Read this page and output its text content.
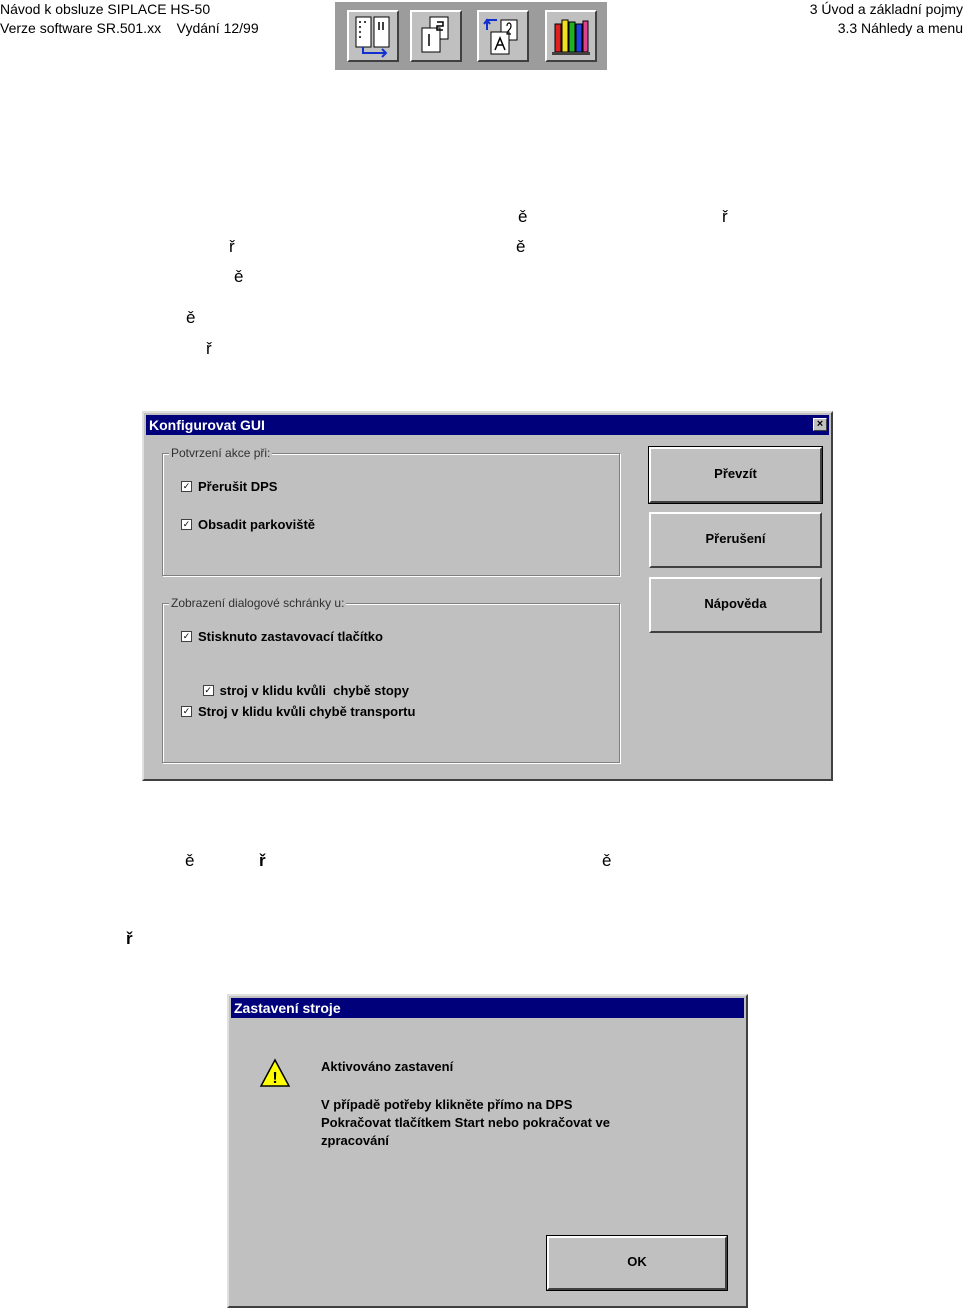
Návod k obsluze SIPLACE HS-50
Verze software SR.501.xx    Vydání 12/99
3 Úvod a základní pojmy
3.3 Náhledy a menu
ě	ř
ř	ě
ě
ě
ř
ě	ř	ě
ř
Konfigurovat GUI	×
Potvrzení akce při:
✓ Přerušit DPS
✓ Obsadit parkoviště
Zobrazení dialogové schránky u:
✓ Stisknuto zastavovací tlačítko

✓ stroj v klidu kvůli  chybě stopy

✓ Stroj v klidu kvůli chybě transportu
Převzít
Přerušení
Nápověda
Zastavení stroje
!
Aktivováno zastavení
V případě potřeby klikněte přímo na DPS
Pokračovat tlačítkem Start nebo pokračovat ve
zpracování
OK
